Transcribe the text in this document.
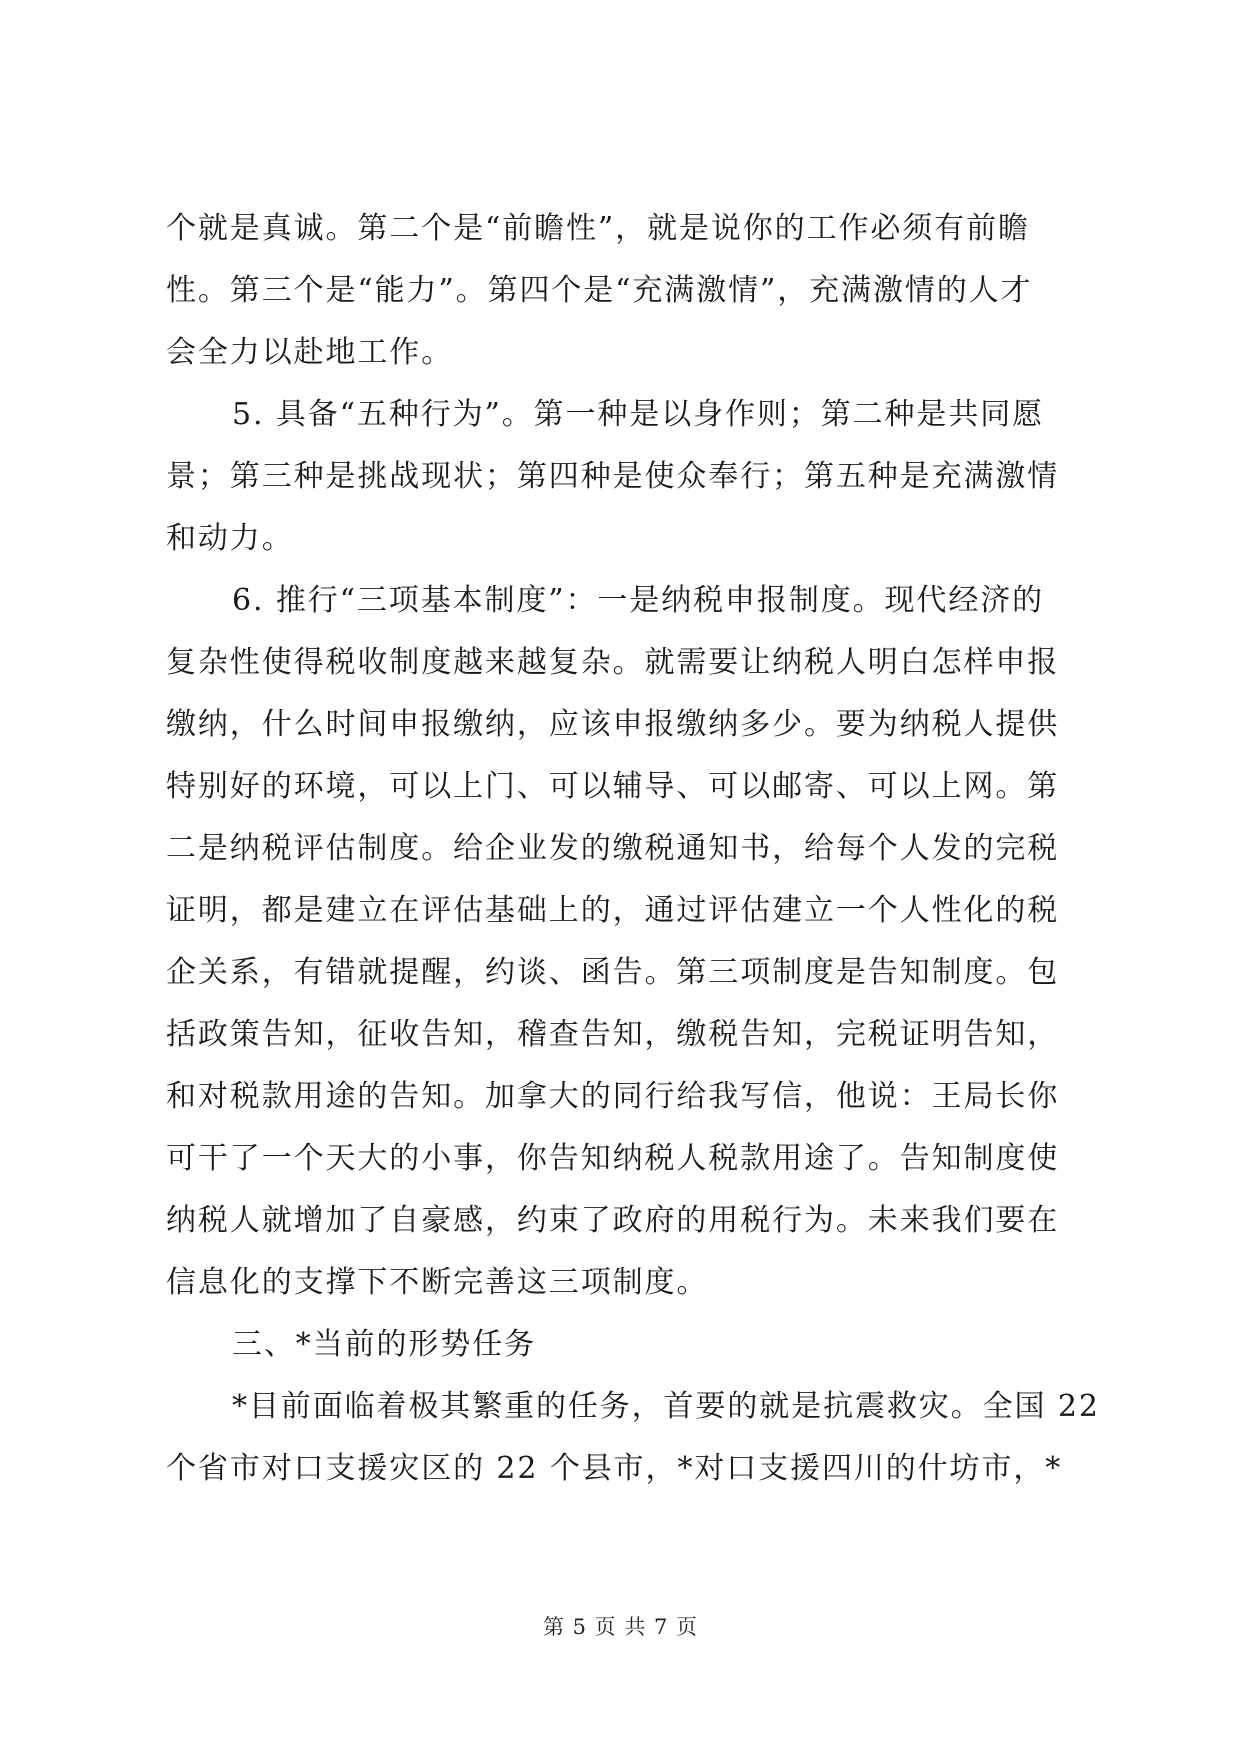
个就是真诚。第二个是“前瞻性”，就是说你的工作必须有前瞻
性。第三个是“能力”。第四个是“充满激情”，充满激情的人才
会全力以赴地工作。
5. 具备“五种行为”。第一种是以身作则；第二种是共同愿
景；第三种是挑战现状；第四种是使众奉行；第五种是充满激情
和动力。
6. 推行“三项基本制度”：一是纳税申报制度。现代经济的
复杂性使得税收制度越来越复杂。就需要让纳税人明白怎样申报
缴纳，什么时间申报缴纳，应该申报缴纳多少。要为纳税人提供
特别好的环境，可以上门、可以辅导、可以邮寄、可以上网。第
二是纳税评估制度。给企业发的缴税通知书，给每个人发的完税
证明，都是建立在评估基础上的，通过评估建立一个人性化的税
企关系，有错就提醒，约谈、函告。第三项制度是告知制度。包
括政策告知，征收告知，稽查告知，缴税告知，完税证明告知，
和对税款用途的告知。加拿大的同行给我写信，他说：王局长你
可干了一个天大的小事，你告知纳税人税款用途了。告知制度使
纳税人就增加了自豪感，约束了政府的用税行为。未来我们要在
信息化的支撑下不断完善这三项制度。
三、*当前的形势任务
*目前面临着极其繁重的任务，首要的就是抗震救灾。全国 22
个省市对口支援灾区的 22 个县市，*对口支援四川的什坊市，*
第 5 页 共 7 页
